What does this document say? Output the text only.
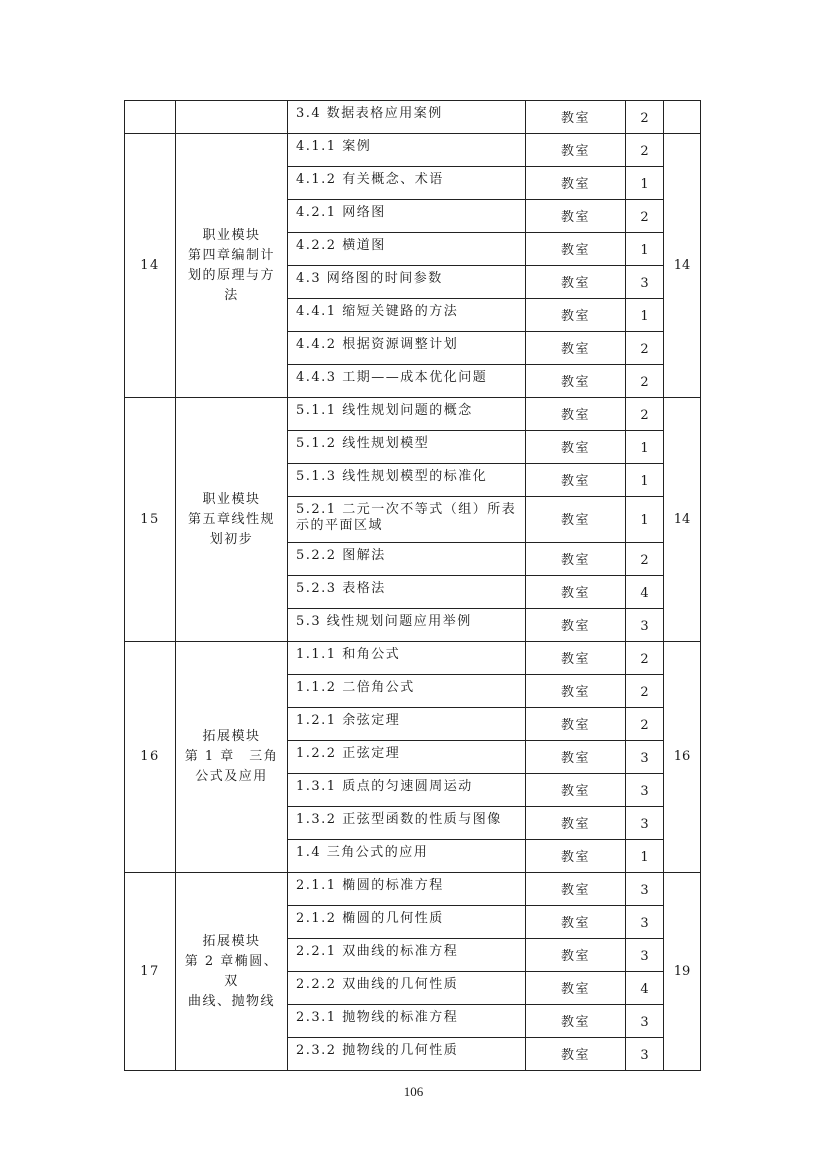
		3.4 数据表格应用案例	教室	2	
14	职业模块
第四章编制计
划的原理与方
法	4.1.1 案例	教室	2	14
		4.1.2 有关概念、术语	教室	1	
		4.2.1 网络图	教室	2	
		4.2.2 横道图	教室	1	
		4.3 网络图的时间参数	教室	3	
		4.4.1 缩短关键路的方法	教室	1	
		4.4.2 根据资源调整计划	教室	2	
		4.4.3 工期——成本优化问题	教室	2	
15	职业模块
第五章线性规
划初步	5.1.1 线性规划问题的概念	教室	2	14
		5.1.2 线性规划模型	教室	1	
		5.1.3 线性规划模型的标准化	教室	1	
		5.2.1 二元一次不等式（组）所表示的平面区域	教室	1	
		5.2.2 图解法	教室	2	
		5.2.3 表格法	教室	4	
		5.3 线性规划问题应用举例	教室	3	
16	拓展模块
第 1 章　三角
公式及应用	1.1.1 和角公式	教室	2	16
		1.1.2 二倍角公式	教室	2	
		1.2.1 余弦定理	教室	2	
		1.2.2 正弦定理	教室	3	
		1.3.1 质点的匀速圆周运动	教室	3	
		1.3.2 正弦型函数的性质与图像	教室	3	
		1.4 三角公式的应用	教室	1	
17	拓展模块
第 2 章椭圆、双
曲线、抛物线	2.1.1 椭圆的标准方程	教室	3	19
		2.1.2 椭圆的几何性质	教室	3	
		2.2.1 双曲线的标准方程	教室	3	
		2.2.2 双曲线的几何性质	教室	4	
		2.3.1 抛物线的标准方程	教室	3	
		2.3.2 抛物线的几何性质	教室	3	
106
